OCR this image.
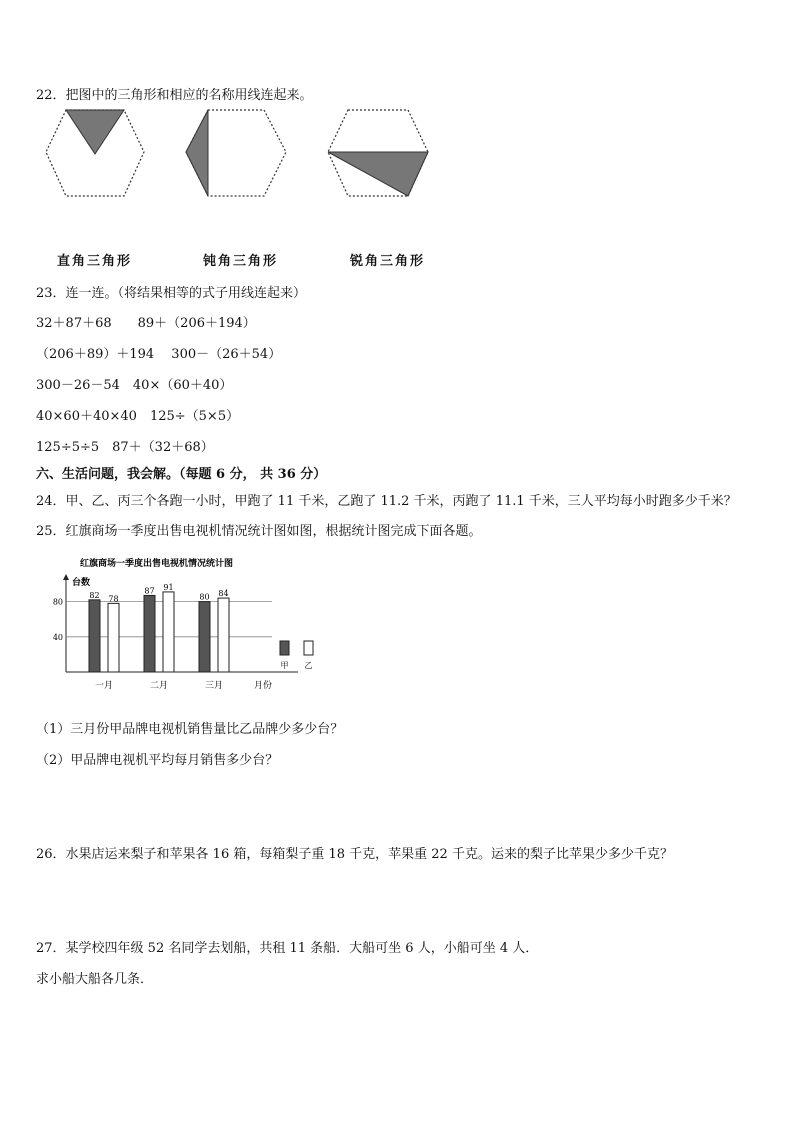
22．把图中的三角形和相应的名称用线连起来。
直角三角形	钝角三角形	锐角三角形
23．连一连。（将结果相等的式子用线连起来）
32＋87＋68　　89＋（206＋194）
（206＋89）＋194　 300－（26＋54）
300－26－54　40×（60＋40）
40×60＋40×40　125÷（5×5）
125÷5÷5　87＋（32＋68）
六、生活问题，我会解。（每题 6 分， 共 36 分）
24．甲、乙、丙三个各跑一小时，甲跑了 11 千米，乙跑了 11.2 千米，丙跑了 11.1 千米，三人平均每小时跑多少千米？
25．红旗商场一季度出售电视机情况统计图如图，根据统计图完成下面各题。
红旗商场一季度出售电视机情况统计图
台数
月份
40
80
82 78
一月
87 91
二月
80 84
三月
甲 乙
（1）三月份甲品牌电视机销售量比乙品牌少多少台？
（2）甲品牌电视机平均每月销售多少台？
26．水果店运来梨子和苹果各 16 箱，每箱梨子重 18 千克，苹果重 22 千克。运来的梨子比苹果少多少千克？
27．某学校四年级 52 名同学去划船，共租 11 条船．大船可坐 6 人，小船可坐 4 人．
求小船大船各几条．
